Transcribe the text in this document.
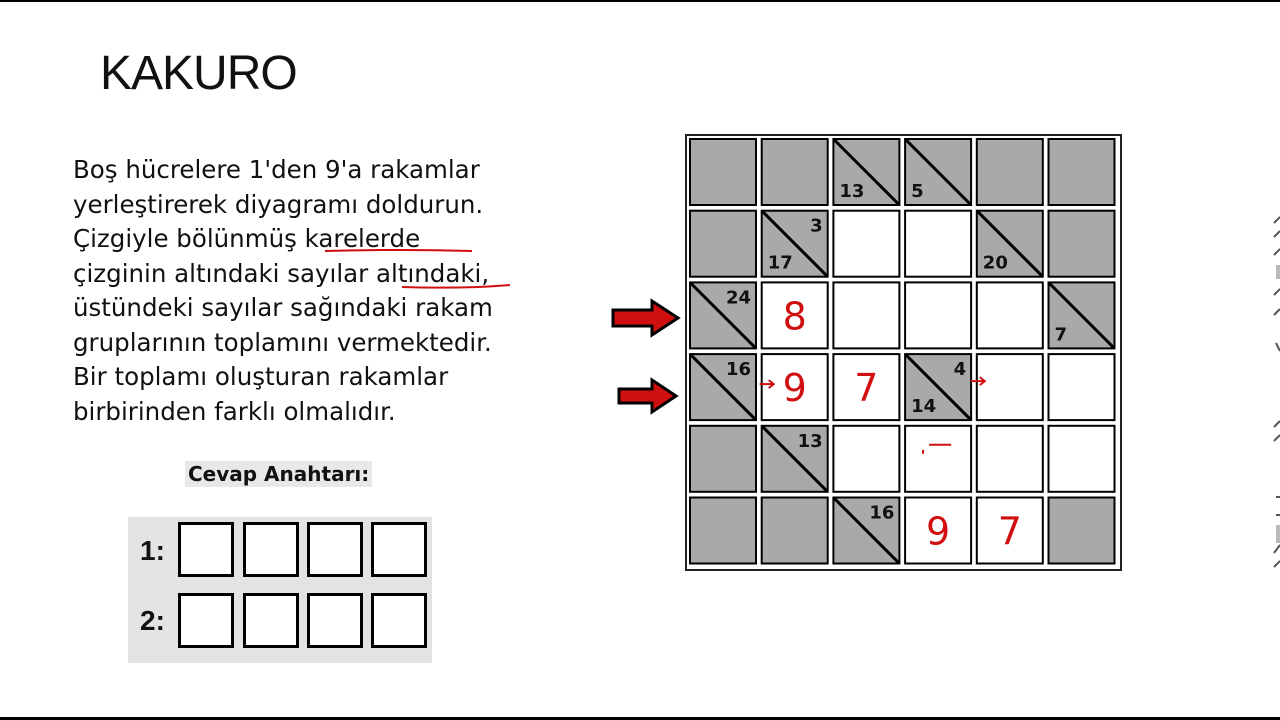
KAKURO
Boş hücrelere 1'den 9'a rakamlar
yerleştirerek diyagramı doldurun.
Çizgiyle bölünmüş karelerde
çizginin altındaki sayılar altındaki,
üstündeki sayılar sağındaki rakam
gruplarının toplamını vermektedir.
Bir toplamı oluşturan rakamlar
birbirinden farklı olmalıdır.
Cevap Anahtarı:
1:
2:
13	5
17
3
20
24 8	7
16 9 7 14
4
13
16 9 7
